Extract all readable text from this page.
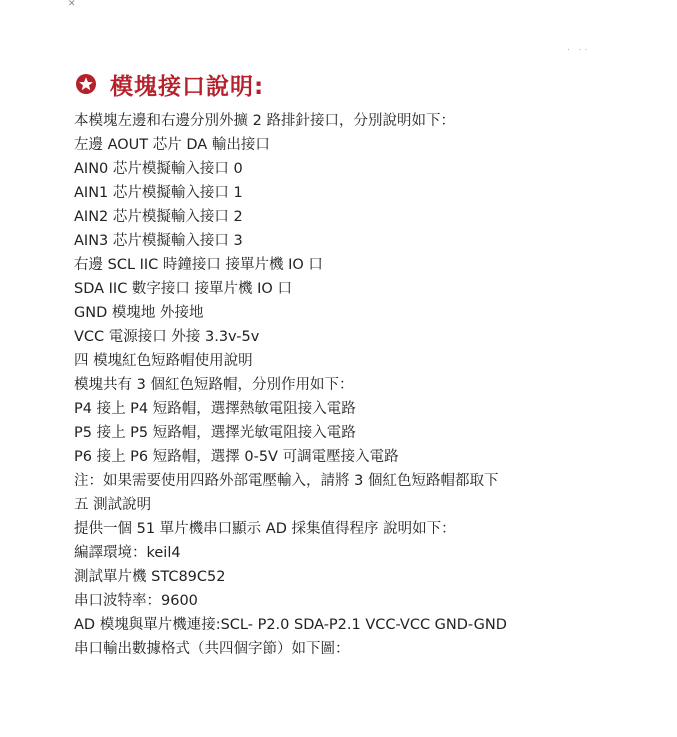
✕
. ..
模塊接口說明:
本模塊左邊和右邊分別外擴 2 路排針接口，分別說明如下：
左邊 AOUT 芯片 DA 輸出接口
AIN0 芯片模擬輸入接口 0
AIN1 芯片模擬輸入接口 1
AIN2 芯片模擬輸入接口 2
AIN3 芯片模擬輸入接口 3
右邊 SCL IIC 時鐘接口 接單片機 IO 口
SDA IIC 數字接口 接單片機 IO 口
GND 模塊地 外接地
VCC 電源接口 外接 3.3v-5v
四 模塊紅色短路帽使用說明
模塊共有 3 個紅色短路帽，分別作用如下：
P4 接上 P4 短路帽，選擇熱敏電阻接入電路
P5 接上 P5 短路帽，選擇光敏電阻接入電路
P6 接上 P6 短路帽，選擇 0-5V 可調電壓接入電路
注：如果需要使用四路外部電壓輸入，請將 3 個紅色短路帽都取下
五 測試說明
提供一個 51 單片機串口顯示 AD 採集值得程序 說明如下：
編譯環境：keil4
測試單片機 STC89C52
串口波特率：9600
AD 模塊與單片機連接:SCL- P2.0 SDA-P2.1 VCC-VCC GND-GND
串口輸出數據格式（共四個字節）如下圖：
